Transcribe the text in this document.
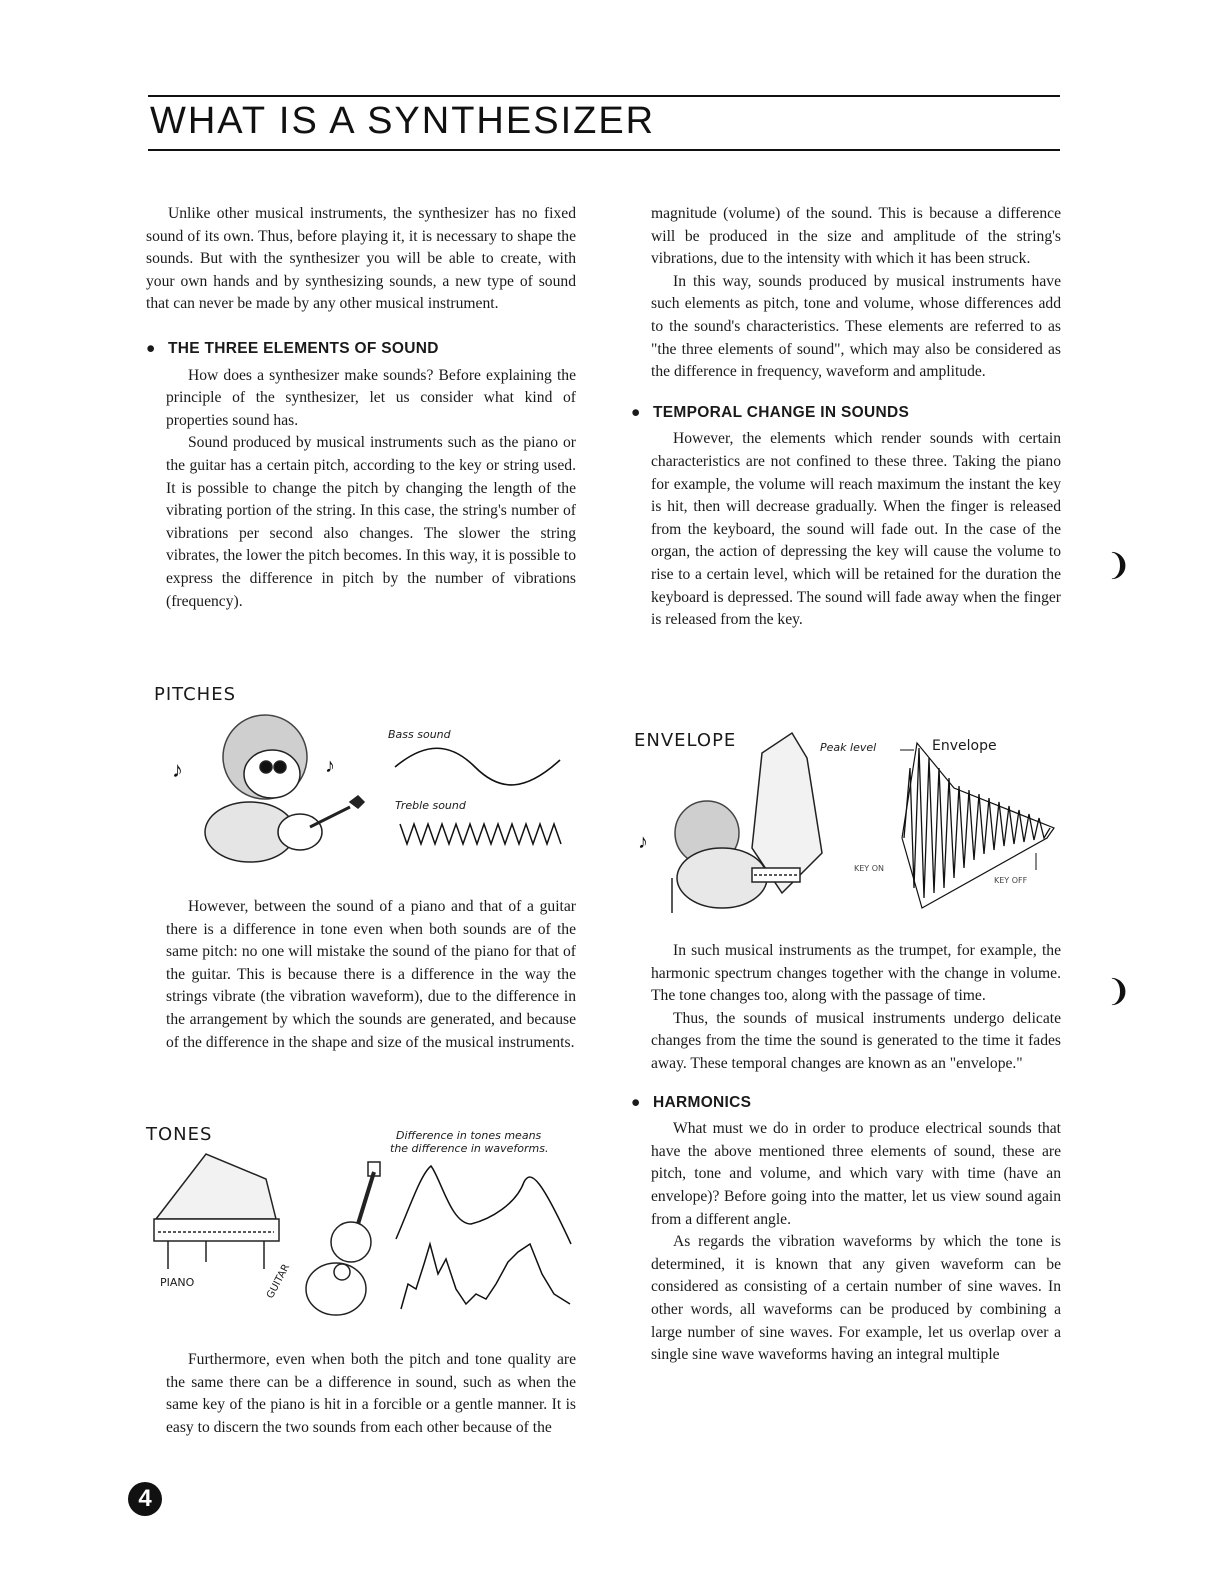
WHAT IS A SYNTHESIZER

Unlike other musical instruments, the synthesizer has no fixed sound of its own. Thus, before playing it, it is necessary to shape the sounds. But with the synthesizer you will be able to create, with your own hands and by synthesizing sounds, a new type of sound that can never be made by any other musical instrument.

● THE THREE ELEMENTS OF SOUND

How does a synthesizer make sounds? Before explaining the principle of the synthesizer, let us consider what kind of properties sound has.

Sound produced by musical instruments such as the piano or the guitar has a certain pitch, according to the key or string used. It is possible to change the pitch by changing the length of the vibrating portion of the string. In this case, the string's number of vibrations per second also changes. The slower the string vibrates, the lower the pitch becomes. In this way, it is possible to express the difference in pitch by the number of vibrations (frequency).

PITCHES
♪	♪
Bass sound
Treble sound

However, between the sound of a piano and that of a guitar there is a difference in tone even when both sounds are of the same pitch: no one will mistake the sound of the piano for that of the guitar. This is because there is a difference in the way the strings vibrate (the vibration waveform), due to the difference in the arrangement by which the sounds are generated, and because of the difference in the shape and size of the musical instruments.

TONES	Difference in tones means
the difference in waveforms.
PIANO	GUITAR

Furthermore, even when both the pitch and tone quality are the same there can be a difference in sound, such as when the same key of the piano is hit in a forcible or a gentle manner. It is easy to discern the two sounds from each other because of the

magnitude (volume) of the sound. This is because a difference will be produced in the size and amplitude of the string's vibrations, due to the intensity with which it has been struck.

In this way, sounds produced by musical instruments have such elements as pitch, tone and volume, whose differences add to the sound's characteristics. These elements are referred to as "the three elements of sound", which may also be considered as the difference in frequency, waveform and amplitude.

● TEMPORAL CHANGE IN SOUNDS

However, the elements which render sounds with certain characteristics are not confined to these three. Taking the piano for example, the volume will reach maximum the instant the key is hit, then will decrease gradually. When the finger is released from the keyboard, the sound will fade out. In the case of the organ, the action of depressing the key will cause the volume to rise to a certain level, which will be retained for the duration the keyboard is depressed. The sound will fade away when the finger is released from the key.

ENVELOPE	Peak level	Envelope
KEY ON
KEY OFF
♪

In such musical instruments as the trumpet, for example, the harmonic spectrum changes together with the change in volume. The tone changes too, along with the passage of time.

Thus, the sounds of musical instruments undergo delicate changes from the time the sound is generated to the time it fades away. These temporal changes are known as an "envelope."

● HARMONICS

What must we do in order to produce electrical sounds that have the above mentioned three elements of sound, these are pitch, tone and volume, and which vary with time (have an envelope)? Before going into the matter, let us view sound again from a different angle.

As regards the vibration waveforms by which the tone is determined, it is known that any given waveform can be considered as consisting of a certain number of sine waves. In other words, all waveforms can be produced by combining a large number of sine waves. For example, let us overlap over a single sine wave waveforms having an integral multiple

❩
❩
4
